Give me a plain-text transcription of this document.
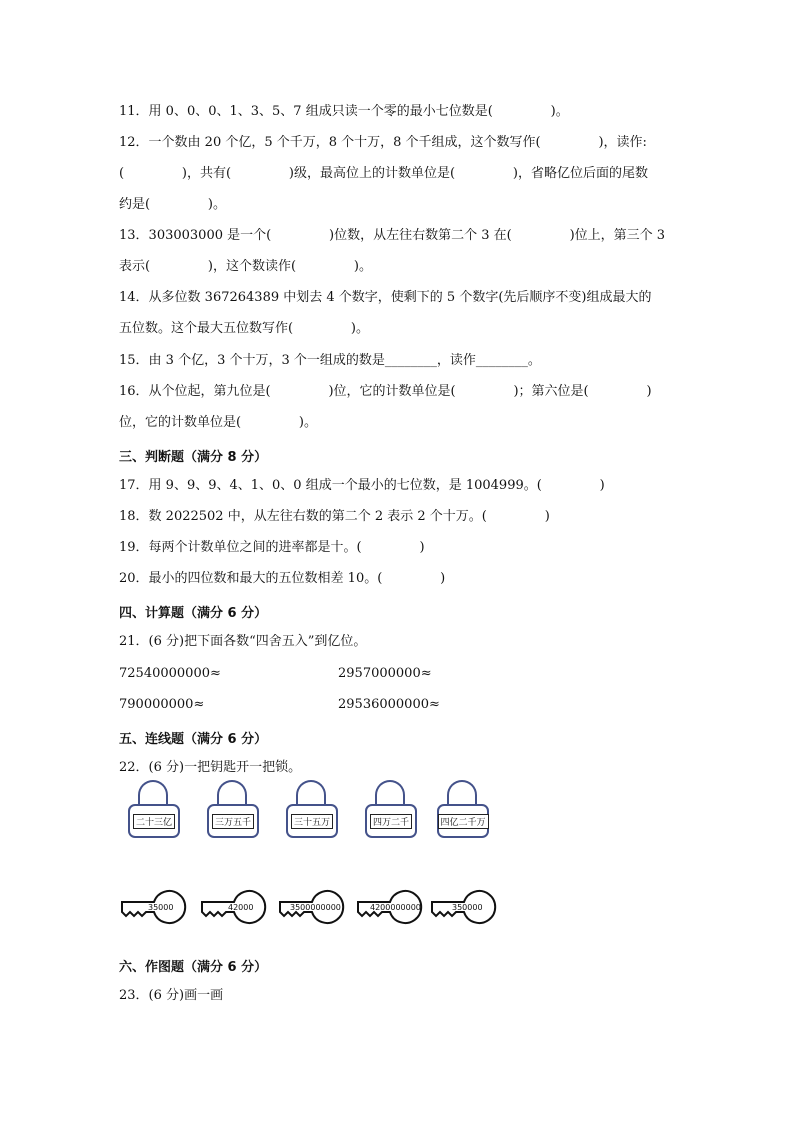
11．用 0、0、0、1、3、5、7 组成只读一个零的最小七位数是(              )。
12．一个数由 20 个亿，5 个千万，8 个十万，8 个千组成，这个数写作(              )，读作:
(              )，共有(              )级，最高位上的计数单位是(              )，省略亿位后面的尾数
约是(              )。
13．303003000 是一个(              )位数，从左往右数第二个 3 在(              )位上，第三个 3
表示(              )，这个数读作(              )。
14．从多位数 367264389 中划去 4 个数字，使剩下的 5 个数字(先后顺序不变)组成最大的
五位数。这个最大五位数写作(              )。
15．由 3 个亿，3 个十万，3 个一组成的数是________，读作________。
16．从个位起，第九位是(              )位，它的计数单位是(              )；第六位是(              )
位，它的计数单位是(              )。
三、判断题（满分 8 分）
17．用 9、9、9、4、1、0、0 组成一个最小的七位数，是 1004999。(              )
18．数 2022502 中，从左往右数的第二个 2 表示 2 个十万。(              )
19．每两个计数单位之间的进率都是十。(              )
20．最小的四位数和最大的五位数相差 10。(              )
四、计算题（满分 6 分）
21．(6 分)把下面各数“四舍五入”到亿位。
72540000000≈	2957000000≈
790000000≈	29536000000≈
五、连线题（满分 6 分）
22．(6 分)一把钥匙开一把锁。
二十三亿	三万五千	三十五万	四万二千	四亿二千万
35000	42000	3500000000	4200000000	350000
六、作图题（满分 6 分）
23．(6 分)画一画
